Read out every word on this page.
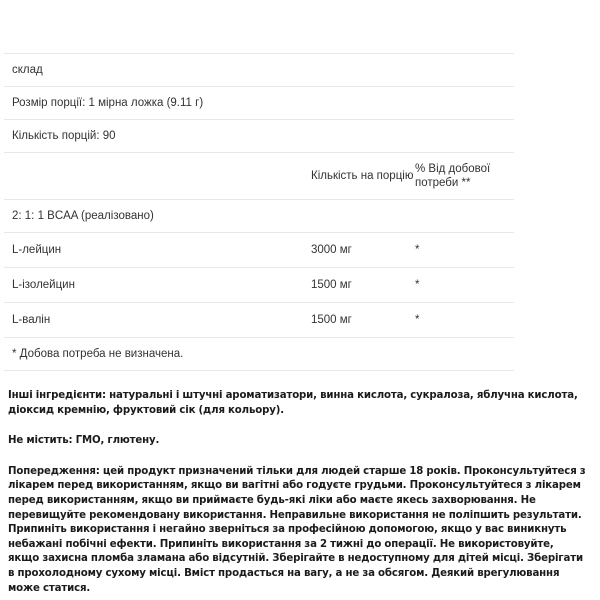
склад		

Розмір порції: 1 мірна ложка (9.11 г)		

Кількість порцій: 90		

	Кількість на порцію	% Від добової потреби **

2: 1: 1 BCAA (реалізовано)		

L-лейцин	3000 мг	*

L-ізолейцин	1500 мг	*

L-валін	1500 мг	*

* Добова потреба не визначена.		

Інші інгредієнти: натуральні і штучні ароматизатори, винна кислота, сукралоза, яблучна кислота, діоксид кремнію, фруктовий сік (для кольору).

Не містить: ГМО, глютену.

Попередження: цей продукт призначений тільки для людей старше 18 років. Проконсультуйтеся з лікарем перед використанням, якщо ви вагітні або годуєте грудьми. Проконсультуйтеся з лікарем перед використанням, якщо ви приймаєте будь-які ліки або маєте якесь захворювання. Не перевищуйте рекомендовану використання. Неправильне використання не поліпшить результати. Припиніть використання і негайно зверніться за професійною допомогою, якщо у вас виникнуть небажані побічні ефекти. Припиніть використання за 2 тижні до операції. Не використовуйте, якщо захисна пломба зламана або відсутній. Зберігайте в недоступному для дітей місці. Зберігати в прохолодному сухому місці. Вміст продасться на вагу, а не за обсягом. Деякий врегулювання може статися.
